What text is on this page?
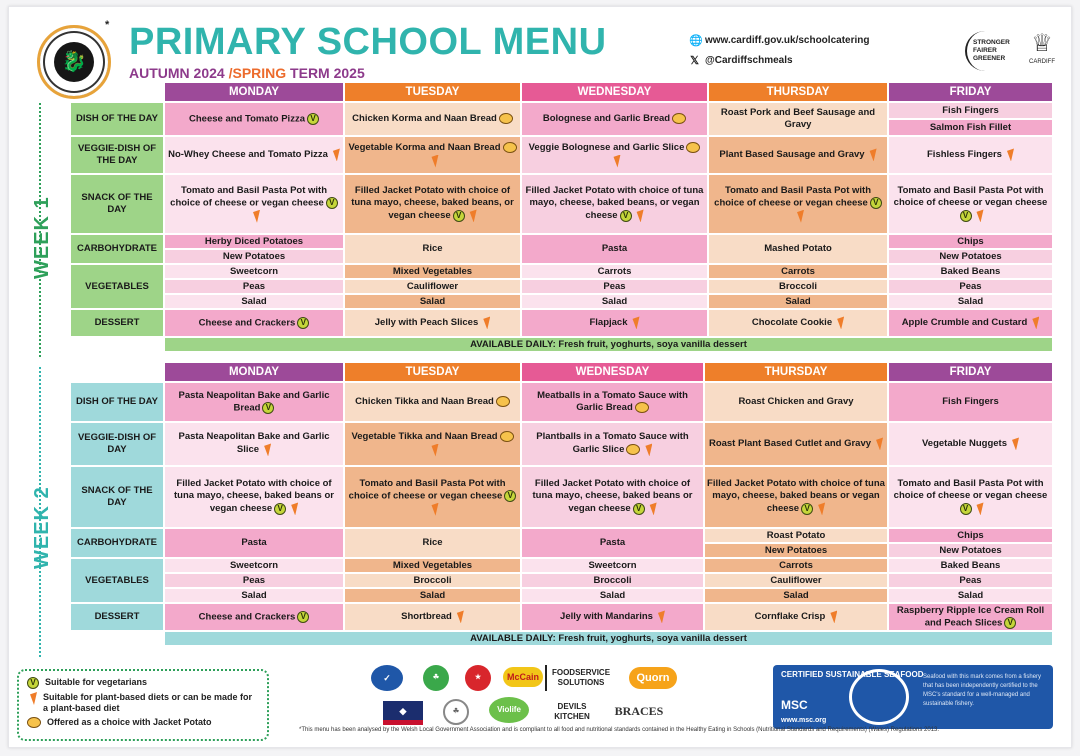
🐉
* PRIMARY SCHOOL MENU
AUTUMN 2024 /SPRING TERM 2025
🌐 www.cardiff.gov.uk/schoolcatering
𝕏 @Cardiffschmeals
STRONGER
FAIRER
GREENER
♕
CARDIFF
WEEK 1
WEEK 2
	MONDAY	TUESDAY	WEDNESDAY	THURSDAY	FRIDAY
DISH OF THE DAY	Cheese and Tomato Pizza V	Chicken Korma and Naan Bread	Bolognese and Garlic Bread	Roast Pork and Beef Sausage and Gravy	Fish Fingers
					Salmon Fish Fillet
VEGGIE-DISH OF THE DAY	No-Whey Cheese and Tomato Pizza	Vegetable Korma and Naan Bread	Veggie Bolognese and Garlic Slice	Plant Based Sausage and Gravy	Fishless Fingers
SNACK OF THE DAY	Tomato and Basil Pasta Pot with choice of cheese or vegan cheese V	Filled Jacket Potato with choice of tuna mayo, cheese, baked beans, or vegan cheese V	Filled Jacket Potato with choice of tuna mayo, cheese, baked beans, or vegan cheese V	Tomato and Basil Pasta Pot with choice of cheese or vegan cheese V	Tomato and Basil Pasta Pot with choice of cheese or vegan cheeseV
CARBOHYDRATE	Herby Diced Potatoes	Rice	Pasta	Mashed Potato	Chips
	New Potatoes				New Potatoes
VEGETABLES	Sweetcorn	Mixed Vegetables	Carrots	Carrots	Baked Beans
	Peas	Cauliflower	Peas	Broccoli	Peas
	Salad	Salad	Salad	Salad	Salad
DESSERT	Cheese and Crackers V	Jelly with Peach Slices	Flapjack	Chocolate Cookie	Apple Crumble and Custard
	AVAILABLE DAILY: Fresh fruit, yoghurts, soya vanilla dessert				
	MONDAY	TUESDAY	WEDNESDAY	THURSDAY	FRIDAY
DISH OF THE DAY	Pasta Neapolitan Bake and Garlic Bread V	Chicken Tikka and Naan Bread	Meatballs in a Tomato Sauce with Garlic Bread	Roast Chicken and Gravy	Fish Fingers
VEGGIE-DISH OF DAY	Pasta Neapolitan Bake and Garlic Slice	Vegetable Tikka and Naan Bread	Plantballs in a Tomato Sauce with Garlic Slice	Roast Plant Based Cutlet and Gravy	Vegetable Nuggets
SNACK OF THE DAY	Filled Jacket Potato with choice of tuna mayo, cheese, baked beans or vegan cheese V	Tomato and Basil Pasta Pot with choice of cheese or vegan cheese V	Filled Jacket Potato with choice of tuna mayo, cheese, baked beans or vegan cheese V	Filled Jacket Potato with choice of tuna mayo, cheese, baked beans or vegan cheese V	Tomato and Basil Pasta Pot with choice of cheese or vegan cheeseV
CARBOHYDRATE	Pasta	Rice	Pasta	Roast Potato	Chips
				New Potatoes	New Potatoes
VEGETABLES	Sweetcorn	Mixed Vegetables	Sweetcorn	Carrots	Baked Beans
	Peas	Broccoli	Broccoli	Cauliflower	Peas
	Salad	Salad	Salad	Salad	Salad
DESSERT	Cheese and Crackers V	Shortbread	Jelly with Mandarins	Cornflake Crisp	Raspberry Ripple Ice Cream Roll and Peach Slices V
	AVAILABLE DAILY: Fresh fruit, yoghurts, soya vanilla dessert				
V	Suitable for vegetarians
Suitable for plant-based diets or can be made for a plant-based diet
Offered as a choice with Jacket Potato
✓	☘	★	McCain	FOODSERVICE SOLUTIONS	Quorn
◆	☘	Violife	DEVILS KITCHEN	BRACES
CERTIFIED SUSTAINABLE SEAFOOD
MSC
www.msc.org
Seafood with this mark comes from a fishery that has been independently certified to the MSC's standard for a well-managed and sustainable fishery.
*This menu has been analysed by the Welsh Local Government Association and is compliant to all food and nutritional standards contained in the Healthy Eating in Schools (Nutritional Standards and Requirements) (Wales) Regulations 2013.
